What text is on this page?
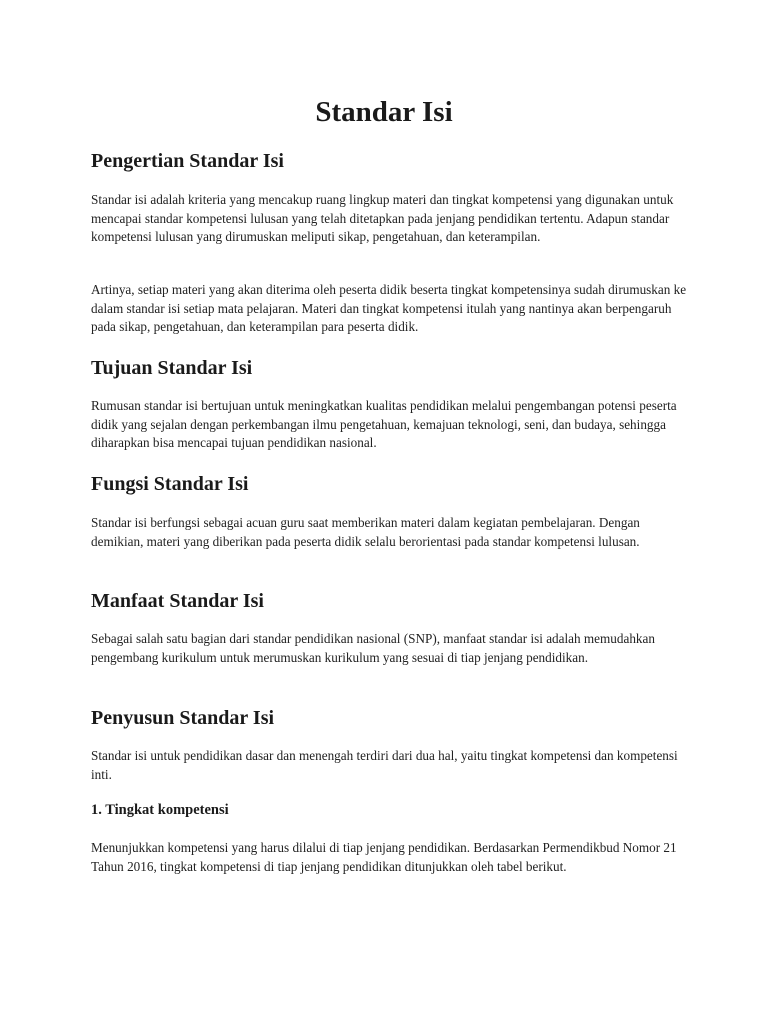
Standar Isi
Pengertian Standar Isi

Standar isi adalah kriteria yang mencakup ruang lingkup materi dan tingkat kompetensi yang digunakan untuk mencapai standar kompetensi lulusan yang telah ditetapkan pada jenjang pendidikan tertentu. Adapun standar kompetensi lulusan yang dirumuskan meliputi sikap, pengetahuan, dan keterampilan.

Artinya, setiap materi yang akan diterima oleh peserta didik beserta tingkat kompetensinya sudah dirumuskan ke dalam standar isi setiap mata pelajaran. Materi dan tingkat kompetensi itulah yang nantinya akan berpengaruh pada sikap, pengetahuan, dan keterampilan para peserta didik.

Tujuan Standar Isi

Rumusan standar isi bertujuan untuk meningkatkan kualitas pendidikan melalui pengembangan potensi peserta didik yang sejalan dengan perkembangan ilmu pengetahuan, kemajuan teknologi, seni, dan budaya, sehingga diharapkan bisa mencapai tujuan pendidikan nasional.

Fungsi Standar Isi

Standar isi berfungsi sebagai acuan guru saat memberikan materi dalam kegiatan pembelajaran. Dengan demikian, materi yang diberikan pada peserta didik selalu berorientasi pada standar kompetensi lulusan.

Manfaat Standar Isi

Sebagai salah satu bagian dari standar pendidikan nasional (SNP), manfaat standar isi adalah memudahkan pengembang kurikulum untuk merumuskan kurikulum yang sesuai di tiap jenjang pendidikan.

Penyusun Standar Isi

Standar isi untuk pendidikan dasar dan menengah terdiri dari dua hal, yaitu tingkat kompetensi dan kompetensi inti.

1. Tingkat kompetensi

Menunjukkan kompetensi yang harus dilalui di tiap jenjang pendidikan. Berdasarkan Permendikbud Nomor 21 Tahun 2016, tingkat kompetensi di tiap jenjang pendidikan ditunjukkan oleh tabel berikut.
